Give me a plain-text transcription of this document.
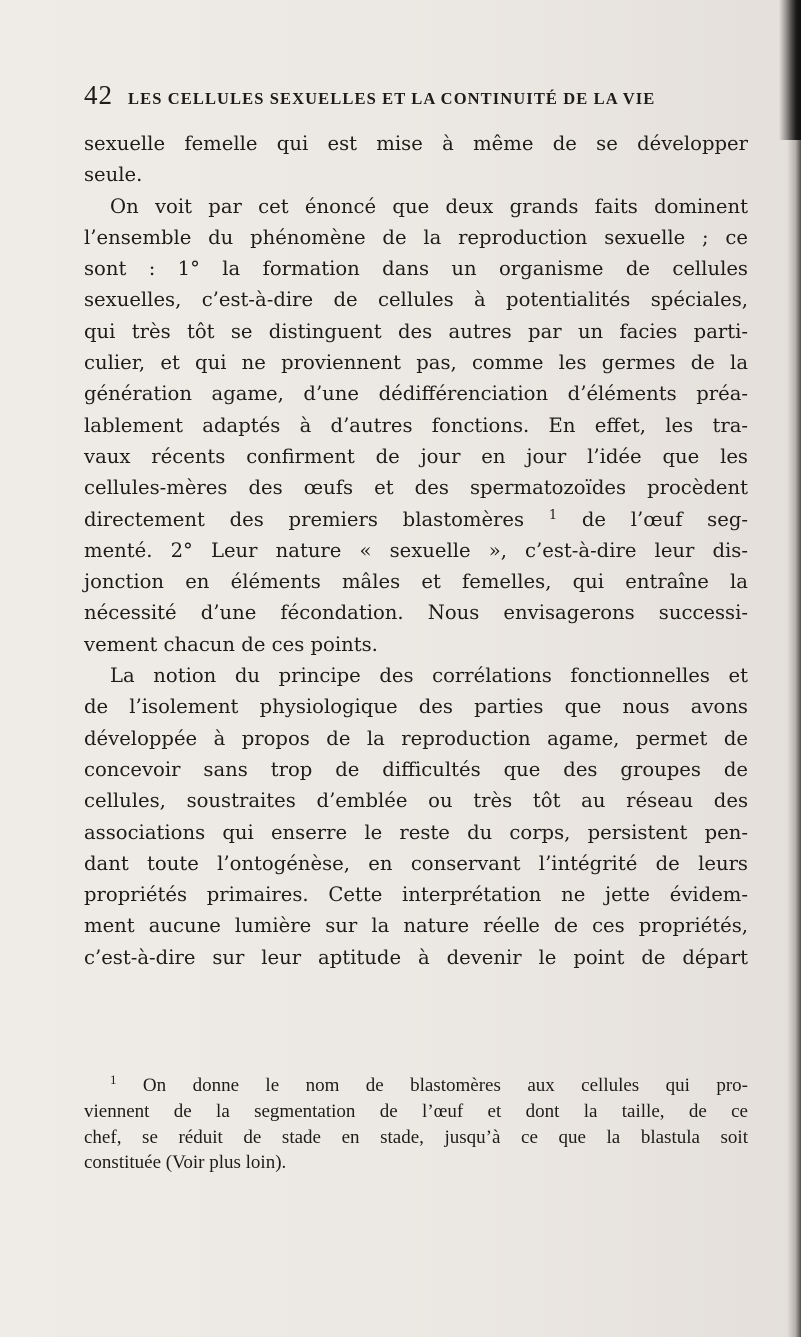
42 LES CELLULES SEXUELLES ET LA CONTINUITÉ DE LA VIE
sexuelle femelle qui est mise à même de se développer
seule.
On voit par cet énoncé que deux grands faits dominent
l’ensemble du phénomène de la reproduction sexuelle ; ce
sont : 1° la formation dans un organisme de cellules
sexuelles, c’est-à-dire de cellules à potentialités spéciales,
qui très tôt se distinguent des autres par un facies parti-
culier, et qui ne proviennent pas, comme les germes de la
génération agame, d’une dédifférenciation d’éléments préa-
lablement adaptés à d’autres fonctions. En effet, les tra-
vaux récents confirment de jour en jour l’idée que les
cellules-mères des œufs et des spermatozoïdes procèdent
directement des premiers blastomères $^1$ de l’œuf seg-
menté. 2° Leur nature « sexuelle », c’est-à-dire leur dis-
jonction en éléments mâles et femelles, qui entraîne la
nécessité d’une fécondation. Nous envisagerons successi-
vement chacun de ces points.
La notion du principe des corrélations fonctionnelles et
de l’isolement physiologique des parties que nous avons
développée à propos de la reproduction agame, permet de
concevoir sans trop de difficultés que des groupes de
cellules, soustraites d’emblée ou très tôt au réseau des
associations qui enserre le reste du corps, persistent pen-
dant toute l’ontogénèse, en conservant l’intégrité de leurs
propriétés primaires. Cette interprétation ne jette évidem-
ment aucune lumière sur la nature réelle de ces propriétés,
c’est-à-dire sur leur aptitude à devenir le point de départ
$^1$ On donne le nom de blastomères aux cellules qui pro-
viennent de la segmentation de l’œuf et dont la taille, de ce
chef, se réduit de stade en stade, jusqu’à ce que la blastula soit
constituée (Voir plus loin).
